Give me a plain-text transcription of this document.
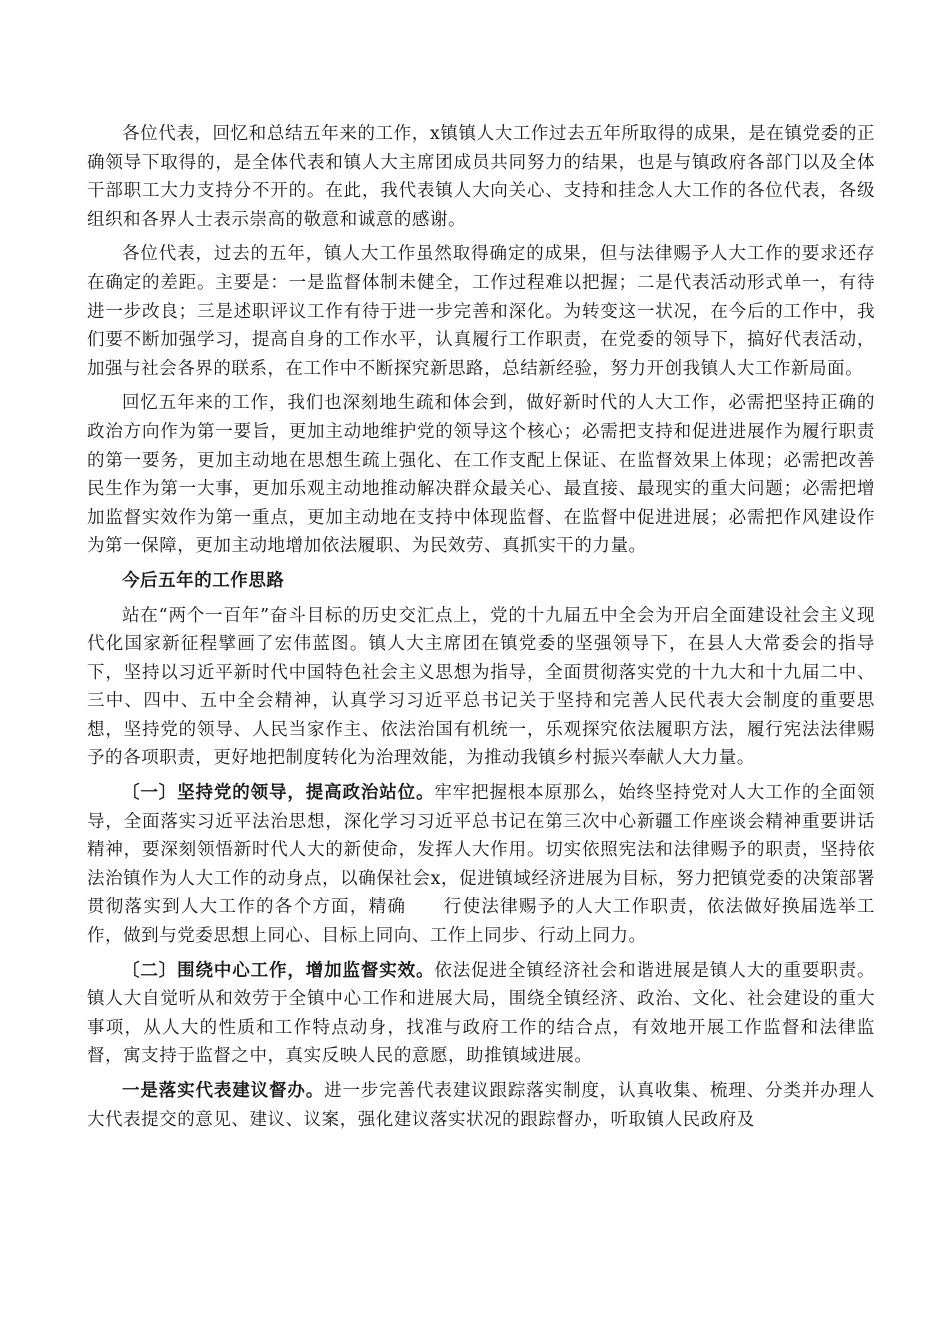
各位代表，回忆和总结五年来的工作，x镇镇人大工作过去五年所取得的成果，是在镇党委的正确领导下取得的，是全体代表和镇人大主席团成员共同努力的结果，也是与镇政府各部门以及全体干部职工大力支持分不开的。在此，我代表镇人大向关心、支持和挂念人大工作的各位代表，各级组织和各界人士表示崇高的敬意和诚意的感谢。

各位代表，过去的五年，镇人大工作虽然取得确定的成果，但与法律赐予人大工作的要求还存在确定的差距。主要是：一是监督体制未健全，工作过程难以把握；二是代表活动形式单一，有待进一步改良；三是述职评议工作有待于进一步完善和深化。为转变这一状况，在今后的工作中，我们要不断加强学习，提高自身的工作水平，认真履行工作职责，在党委的领导下，搞好代表活动，加强与社会各界的联系，在工作中不断探究新思路，总结新经验，努力开创我镇人大工作新局面。

回忆五年来的工作，我们也深刻地生疏和体会到，做好新时代的人大工作，必需把坚持正确的政治方向作为第一要旨，更加主动地维护党的领导这个核心；必需把支持和促进进展作为履行职责的第一要务，更加主动地在思想生疏上强化、在工作支配上保证、在监督效果上体现；必需把改善民生作为第一大事，更加乐观主动地推动解决群众最关心、最直接、最现实的重大问题；必需把增加监督实效作为第一重点，更加主动地在支持中体现监督、在监督中促进进展；必需把作风建设作为第一保障，更加主动地增加依法履职、为民效劳、真抓实干的力量。

今后五年的工作思路

站在“两个一百年”奋斗目标的历史交汇点上，党的十九届五中全会为开启全面建设社会主义现代化国家新征程擘画了宏伟蓝图。镇人大主席团在镇党委的坚强领导下，在县人大常委会的指导下，坚持以习近平新时代中国特色社会主义思想为指导，全面贯彻落实党的十九大和十九届二中、三中、四中、五中全会精神，认真学习习近平总书记关于坚持和完善人民代表大会制度的重要思想，坚持党的领导、人民当家作主、依法治国有机统一，乐观探究依法履职方法，履行宪法法律赐予的各项职责，更好地把制度转化为治理效能，为推动我镇乡村振兴奉献人大力量。

〔一〕坚持党的领导，提高政治站位。牢牢把握根本原那么，始终坚持党对人大工作的全面领导，全面落实习近平法治思想，深化学习习近平总书记在第三次中心新疆工作座谈会精神重要讲话精神，要深刻领悟新时代人大的新使命，发挥人大作用。切实依照宪法和法律赐予的职责，坚持依法治镇作为人大工作的动身点，以确保社会x，促进镇域经济进展为目标，努力把镇党委的决策部署贯彻落实到人大工作的各个方面，精确　　行使法律赐予的人大工作职责，依法做好换届选举工作，做到与党委思想上同心、目标上同向、工作上同步、行动上同力。

〔二〕围绕中心工作，增加监督实效。依法促进全镇经济社会和谐进展是镇人大的重要职责。镇人大自觉听从和效劳于全镇中心工作和进展大局，围绕全镇经济、政治、文化、社会建设的重大事项，从人大的性质和工作特点动身，找准与政府工作的结合点，有效地开展工作监督和法律监督，寓支持于监督之中，真实反映人民的意愿，助推镇域进展。

一是落实代表建议督办。进一步完善代表建议跟踪落实制度，认真收集、梳理、分类并办理人大代表提交的意见、建议、议案，强化建议落实状况的跟踪督办，听取镇人民政府及
